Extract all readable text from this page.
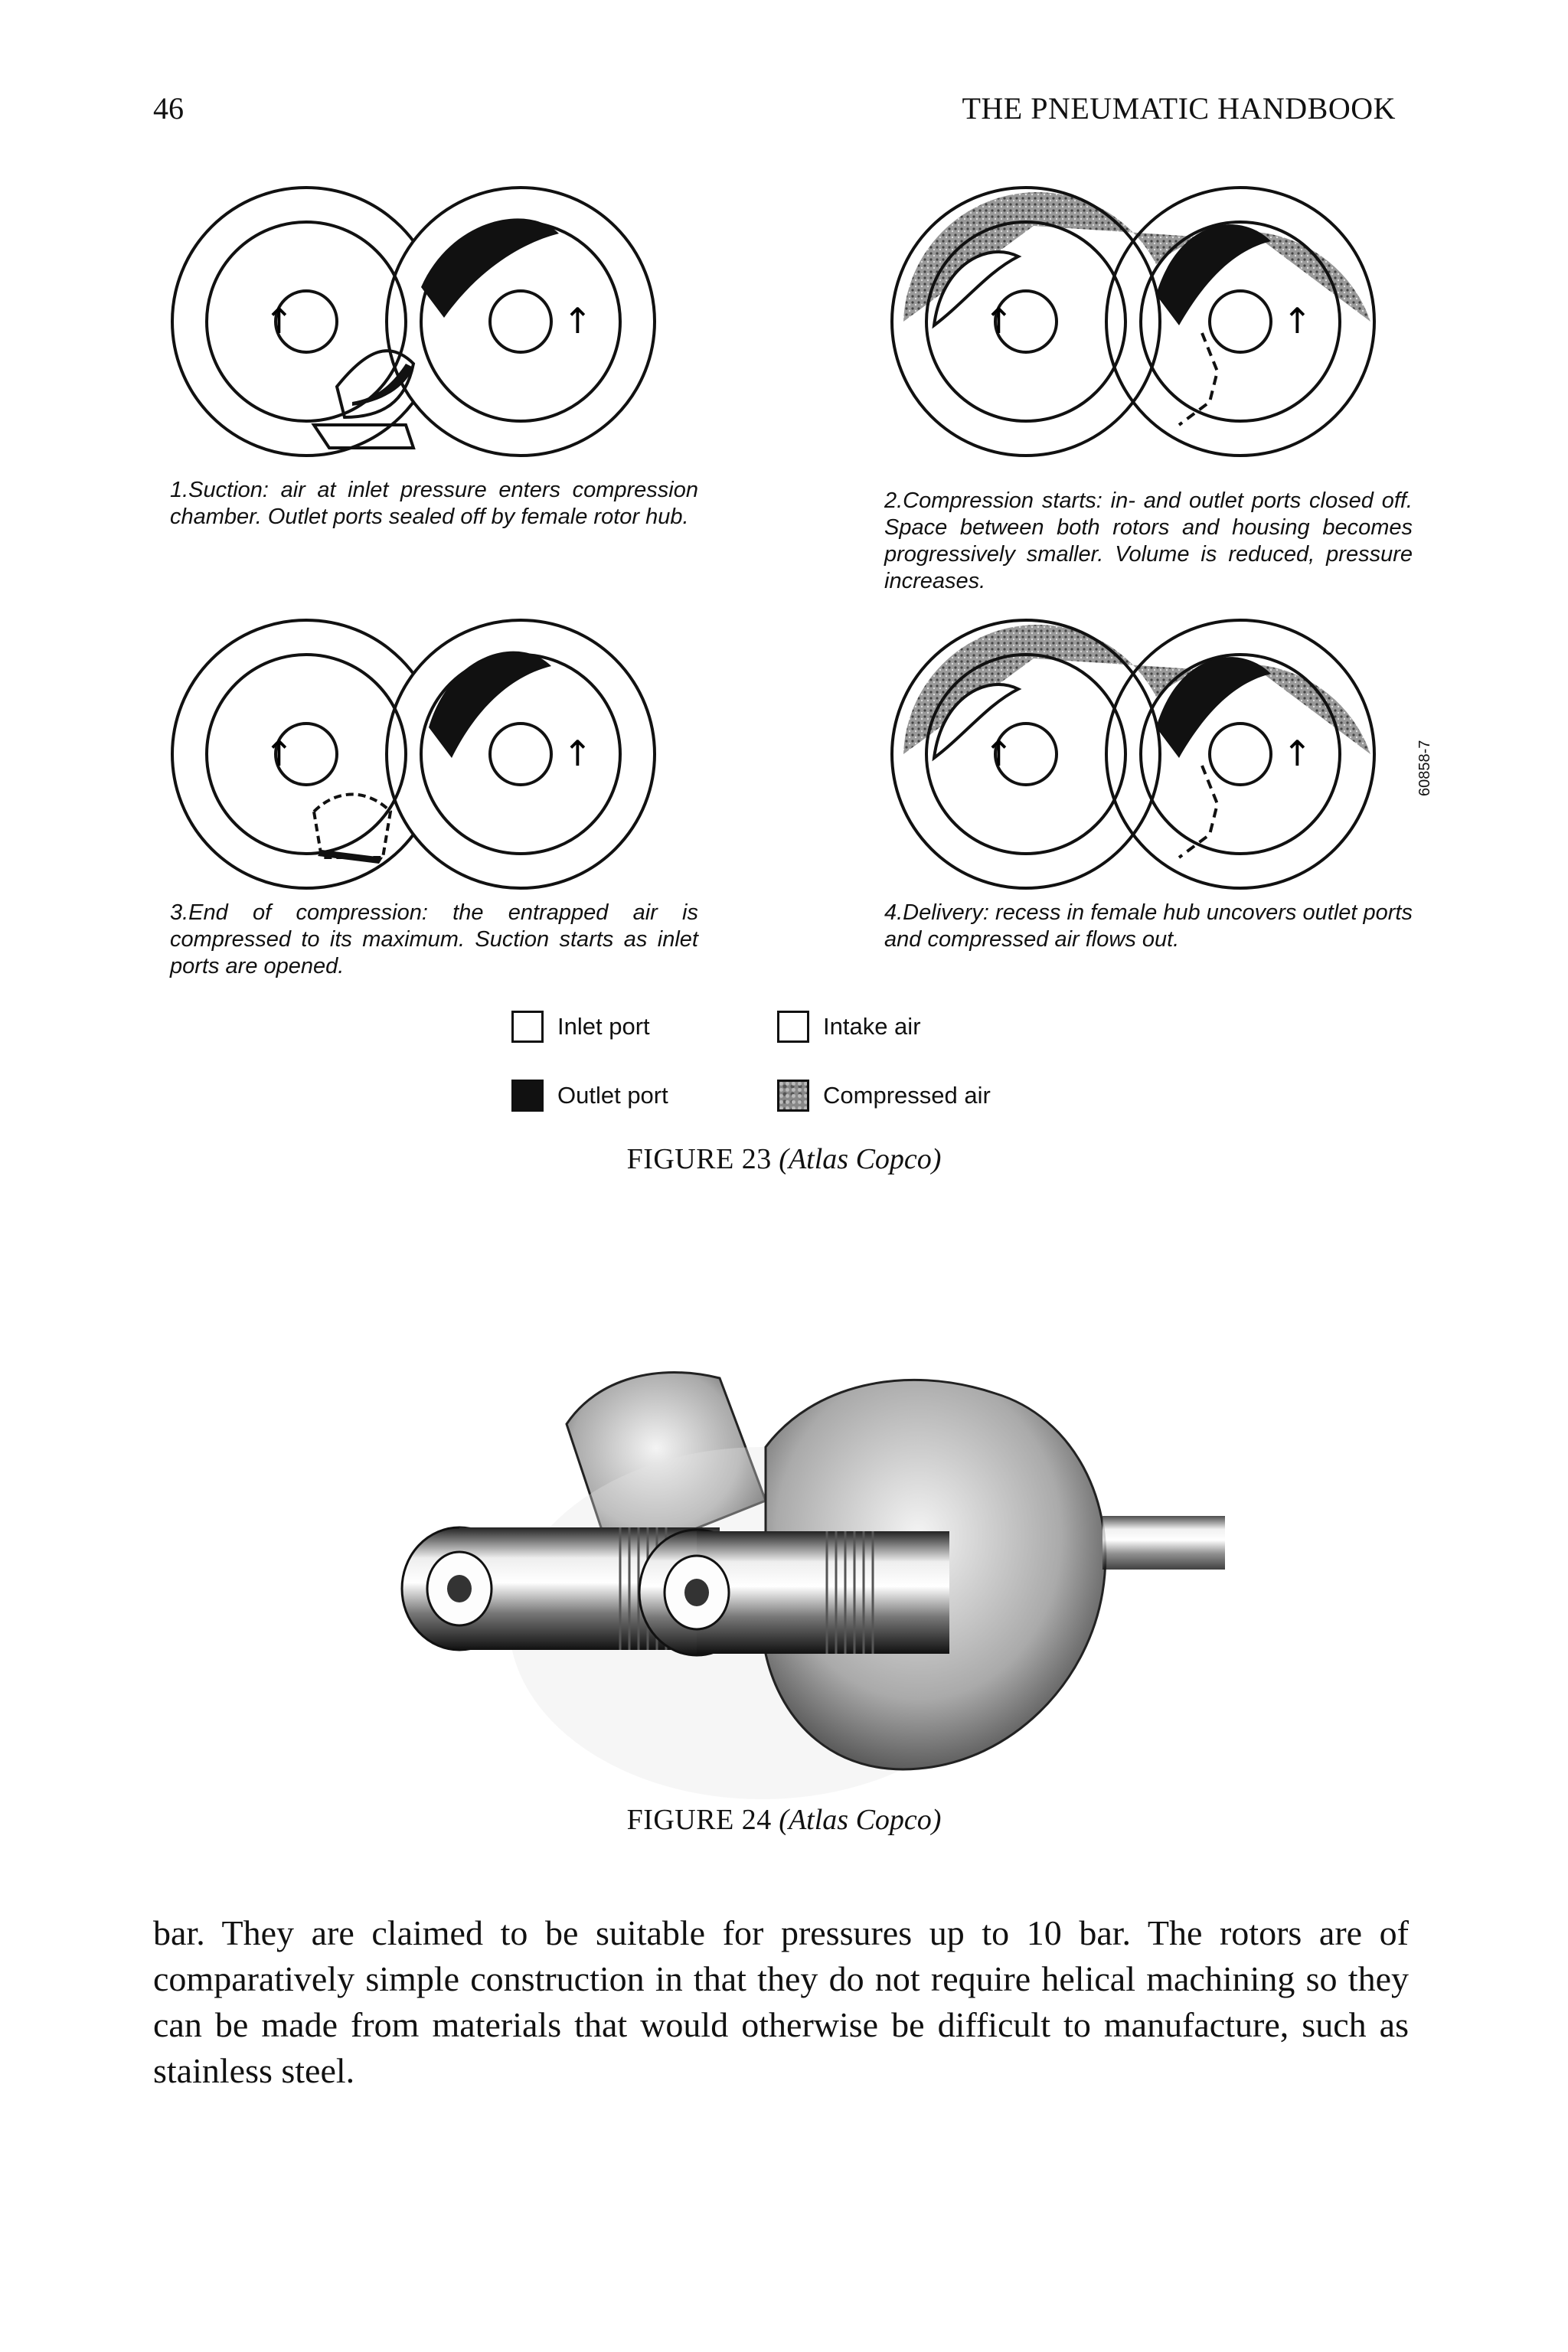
46	THE PNEUMATIC HANDBOOK
↑	↑
1.Suction: air at inlet pressure enters compression chamber. Outlet ports sealed off by female rotor hub.
↑	↑
2.Compression starts: in- and outlet ports closed off. Space between both rotors and housing becomes progressively smaller. Volume is reduced, pressure increases.
↑	↑
3.End of compression: the entrapped air is compressed to its maximum. Suction starts as inlet ports are opened.
↑	↑
4.Delivery: recess in female hub uncovers outlet ports and compressed air flows out.
60858-7
Inlet port
Outlet port
Intake air
Compressed air
FIGURE 23 (Atlas Copco)
FIGURE 24 (Atlas Copco)
bar. They are claimed to be suitable for pressures up to 10 bar. The rotors are of comparatively simple construction in that they do not require helical machining so they can be made from materials that would otherwise be difficult to manufacture, such as stainless steel.
